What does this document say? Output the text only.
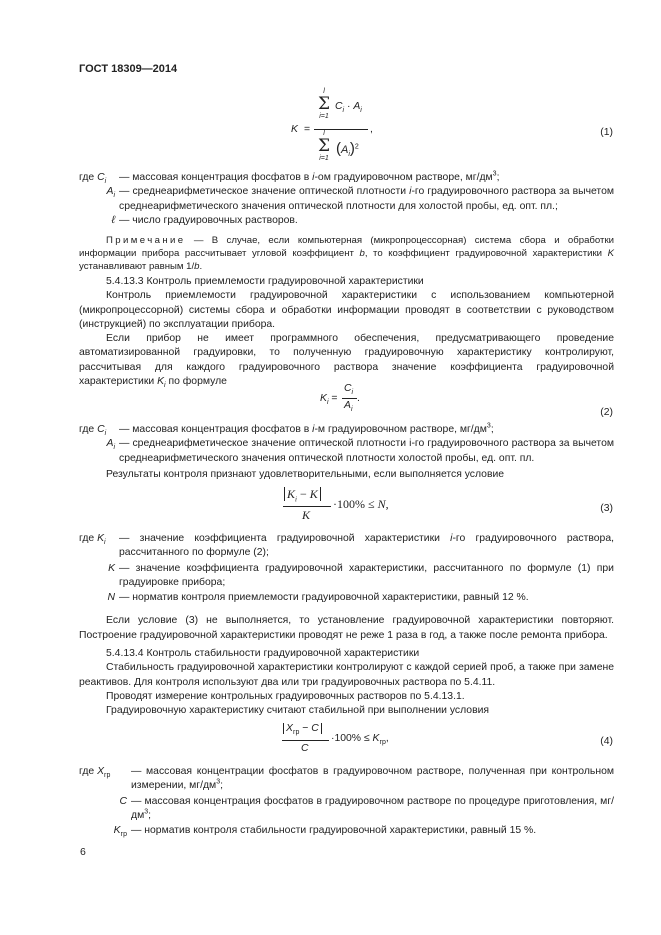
ГОСТ 18309—2014
K =
l
Σ
i=1
$C_i \cdot A_i$
,
l
Σ
i=1
$(A_i)^2$
(1)
где $C_i$	— массовая концентрация фосфатов в i-ом градуировочном растворе, $мг/дм^3$;
$A_i$ — среднеарифметическое значение оптической плотности i-го градуировочного раствора за вычетом среднеарифметического значения оптической плотности для холостой пробы, ед. опт. пл.;
ℓ — число градуировочных растворов.
Примечание — В случае, если компьютерная (микропроцессорная) система сбора и обработки информации прибора рассчитывает угловой коэффициент b, то коэффициент градуировочной характеристики K устанавливают равным 1/b.
5.4.13.3 Контроль приемлемости градуировочной характеристики
Контроль приемлемости градуировочной характеристики с использованием компьютерной (микропроцессорной) системы сбора и обработки информации проводят в соответствии с руководством (инструкцией) по эксплуатации прибора.
Если прибор не имеет программного обеспечения, предусматривающего проведение автоматизированной градуировки, то полученную градуировочную характеристику контролируют, рассчитывая для каждого градуировочного раствора значение коэффициента градуировочной характеристики $K_i$ по формуле
$K_i$ =
$C_i$
$A_i$
.
(2)
где $C_i$	— массовая концентрация фосфатов в i-м градуировочном растворе, $мг/дм^3$;
$A_i$ — среднеарифметическое значение оптической плотности i-го градуировочного раствора за вычетом среднеарифметического значения оптической плотности холостой пробы, ед. опт. пл.
Результаты контроля признают удовлетворительными, если выполняется условие
$K_i - K$
K
·100% ≤ N,	(3)
где $K_i$	— значение коэффициента градуировочной характеристики i-го градуировочного раствора, рассчитанного по формуле (2);
K — значение коэффициента градуировочной характеристики, рассчитанного по формуле (1) при градуировке прибора;
N — норматив контроля приемлемости градуировочной характеристики, равный 12 %.
Если условие (3) не выполняется, то установление градуировочной характеристики повторяют. Построение градуировочной характеристики проводят не реже 1 раза в год, а также после ремонта прибора.
5.4.13.4 Контроль стабильности градуировочной характеристики
Стабильность градуировочной характеристики контролируют с каждой серией проб, а также при замене реактивов. Для контроля используют два или три градуировочных раствора по 5.4.11.
Проводят измерение контрольных градуировочных растворов по 5.4.13.1.
Градуировочную характеристику считают стабильной при выполнении условия
$X_{гр} - C$
C
$\cdot 100\% \le K_{гр}$,	(4)
где $X_{гр}$	— массовая концентрации фосфатов в градуировочном растворе, полученная при контрольном измерении, $мг/дм^3$;
C — массовая концентрация фосфатов в градуировочном растворе по процедуре приготовления, $мг/дм^3$;
$K_{гр}$ — норматив контроля стабильности градуировочной характеристики, равный 15 %.
6
